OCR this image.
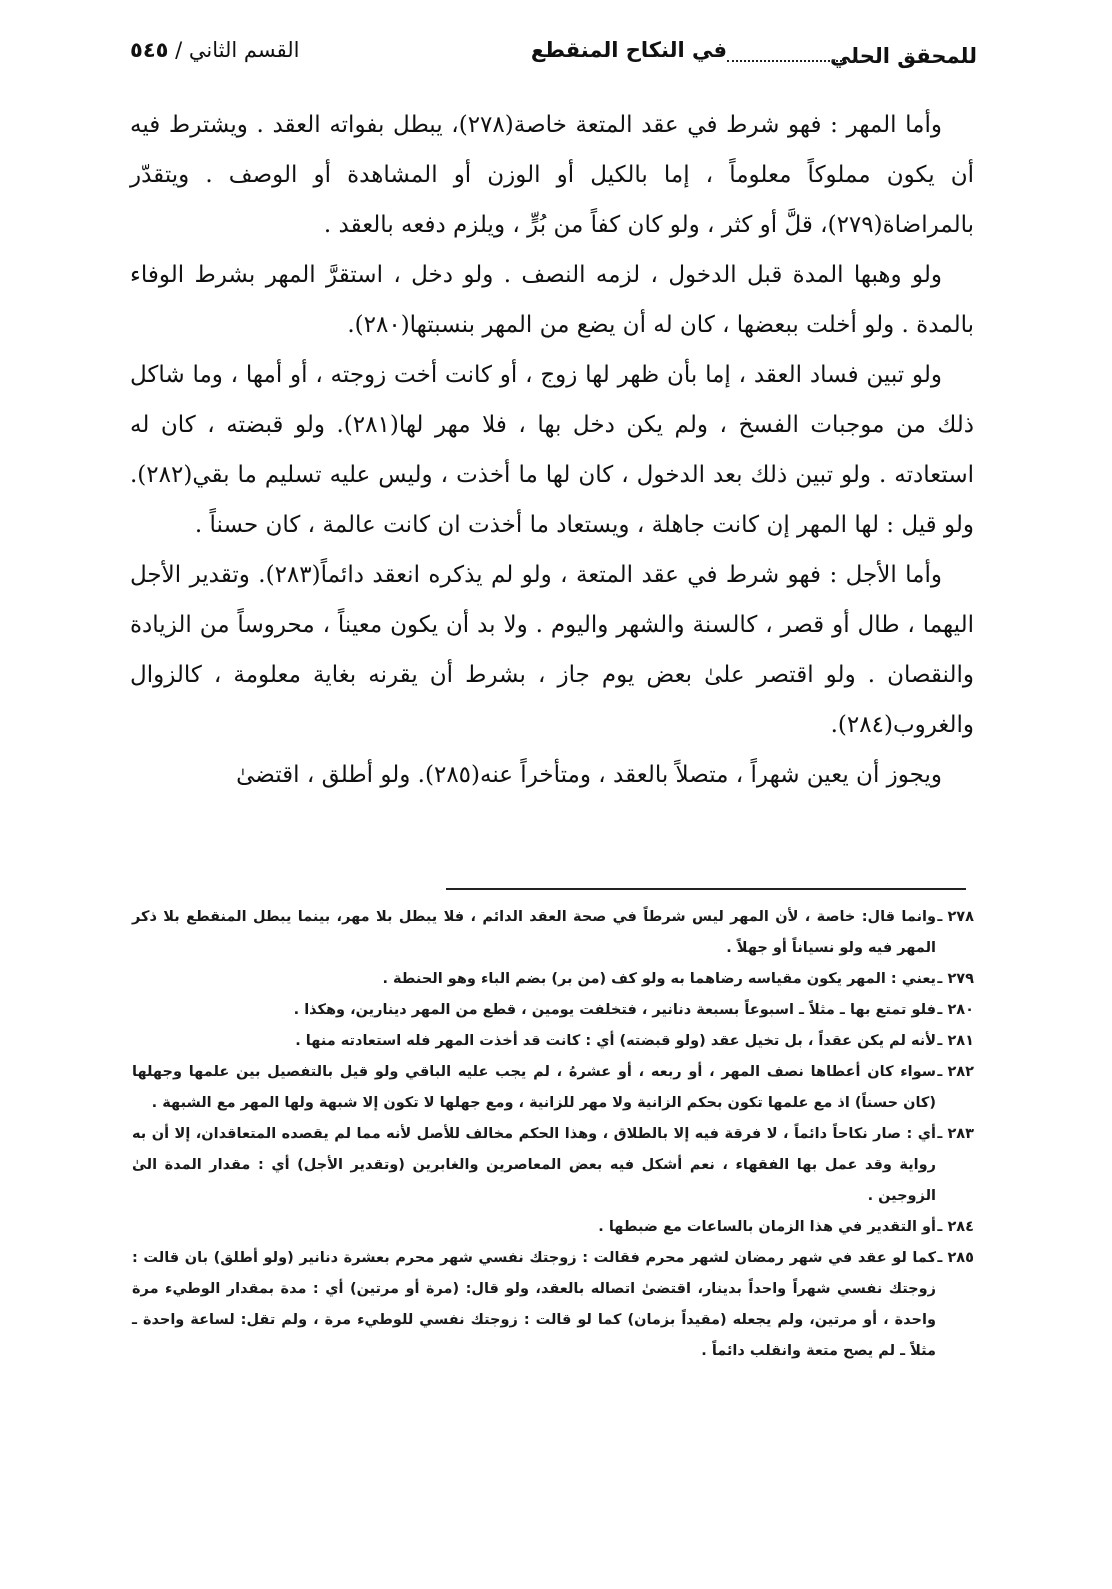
للمحقق الحلي
في النكاح المنقطع
القسم الثاني / ٥٤٥

وأما المهر : فهو شرط في عقد المتعة خاصة(٢٧٨)، يبطل بفواته العقد . ويشترط فيه أن يكون مملوكاً معلوماً ، إما بالكيل أو الوزن أو المشاهدة أو الوصف . ويتقدّر بالمراضاة(٢٧٩)، قلَّ أو كثر ، ولو كان كفاً من بُرٍّ ، ويلزم دفعه بالعقد .

ولو وهبها المدة قبل الدخول ، لزمه النصف . ولو دخل ، استقرَّ المهر بشرط الوفاء بالمدة . ولو أخلت ببعضها ، كان له أن يضع من المهر بنسبتها(٢٨٠).

ولو تبين فساد العقد ، إما بأن ظهر لها زوج ، أو كانت أخت زوجته ، أو أمها ، وما شاكل ذلك من موجبات الفسخ ، ولم يكن دخل بها ، فلا مهر لها(٢٨١). ولو قبضته ، كان له استعادته . ولو تبين ذلك بعد الدخول ، كان لها ما أخذت ، وليس عليه تسليم ما بقي(٢٨٢). ولو قيل : لها المهر إن كانت جاهلة ، ويستعاد ما أخذت ان كانت عالمة ، كان حسناً .

وأما الأجل : فهو شرط في عقد المتعة ، ولو لم يذكره انعقد دائماً(٢٨٣). وتقدير الأجل اليهما ، طال أو قصر ، كالسنة والشهر واليوم . ولا بد أن يكون معيناً ، محروساً من الزيادة والنقصان . ولو اقتصر علىٰ بعض يوم جاز ، بشرط أن يقرنه بغاية معلومة ، كالزوال والغروب(٢٨٤).

ويجوز أن يعين شهراً ، متصلاً بالعقد ، ومتأخراً عنه(٢٨٥). ولو أطلق ، اقتضىٰ

٢٧٨ ـ
وانما قال: خاصة ، لأن المهر ليس شرطاً في صحة العقد الدائم ، فلا يبطل بلا مهر، بينما يبطل المنقطع بلا ذكر المهر فيه ولو نسياناً أو جهلاً .
٢٧٩ ـ
يعني : المهر يكون مقياسه رضاهما به ولو كف (من بر) بضم الباء وهو الحنطة .
٢٨٠ ـ
فلو تمتع بها ـ مثلاً ـ اسبوعاً بسبعة دنانير ، فتخلفت يومين ، قطع من المهر دينارين، وهكذا .
٢٨١ ـ
لأنه لم يكن عقداً ، بل تخيل عقد (ولو قبضته) أي : كانت قد أخذت المهر فله استعادته منها .
٢٨٢ ـ
سواء كان أعطاها نصف المهر ، أو ربعه ، أو عشرهُ ، لم يجب عليه الباقي ولو قيل بالتفصيل بين علمها وجهلها (كان حسناً) اذ مع علمها تكون بحكم الزانية ولا مهر للزانية ، ومع جهلها لا تكون إلا شبهة ولها المهر مع الشبهة .
٢٨٣ ـ
أي : صار نكاحاً دائماً ، لا فرقة فيه إلا بالطلاق ، وهذا الحكم مخالف للأصل لأنه مما لم يقصده المتعاقدان، إلا أن به رواية وقد عمل بها الفقهاء ، نعم أشكل فيه بعض المعاصرين والغابرين (وتقدير الأجل) أي : مقدار المدة الىٰ الزوجين .
٢٨٤ ـ
أو التقدير في هذا الزمان بالساعات مع ضبطها .
٢٨٥ ـ
كما لو عقد في شهر رمضان لشهر محرم فقالت : زوجتك نفسي شهر محرم بعشرة دنانير (ولو أطلق) بان قالت : زوجتك نفسي شهراً واحداً بدينار، اقتضىٰ اتصاله بالعقد، ولو قال: (مرة أو مرتين) أي : مدة بمقدار الوطيء مرة واحدة ، أو مرتين، ولم يجعله (مقيداً بزمان) كما لو قالت : زوجتك نفسي للوطيء مرة ، ولم تقل: لساعة واحدة ـ مثلاً ـ لم يصح متعة وانقلب دائماً .
